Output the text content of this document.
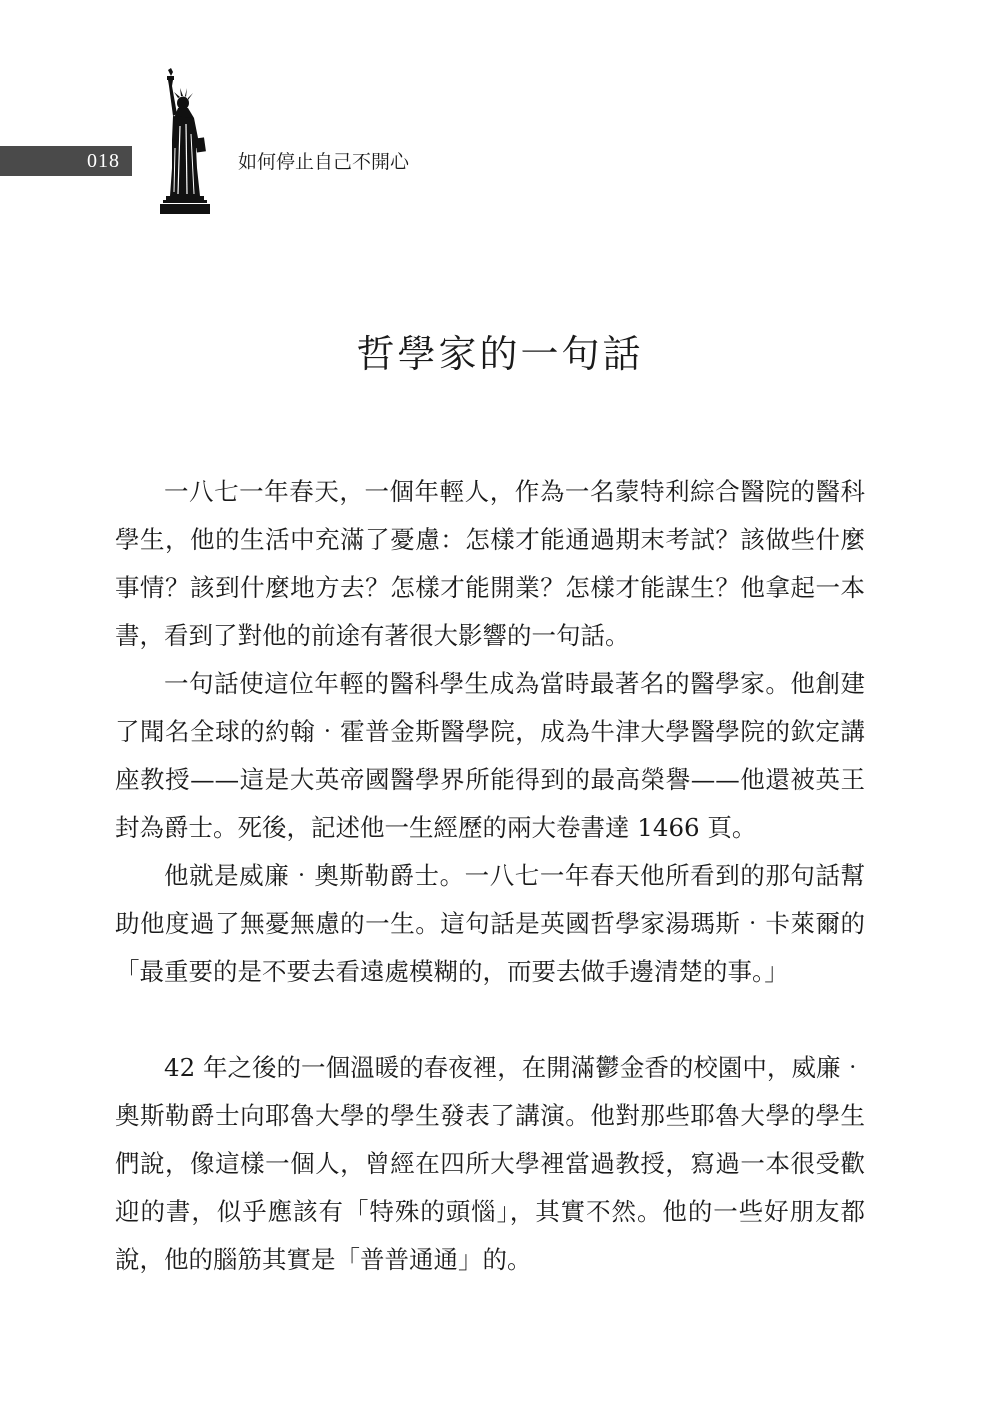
018	如何停止自己不開心
哲學家的一句話

一八七一年春天，一個年輕人，作為一名蒙特利綜合醫院的醫科學生，他的生活中充滿了憂慮：怎樣才能通過期末考試？該做些什麼事情？該到什麼地方去？怎樣才能開業？怎樣才能謀生？他拿起一本書，看到了對他的前途有著很大影響的一句話。

一句話使這位年輕的醫科學生成為當時最著名的醫學家。他創建了聞名全球的約翰‧霍普金斯醫學院，成為牛津大學醫學院的欽定講座教授——這是大英帝國醫學界所能得到的最高榮譽——他還被英王封為爵士。死後，記述他一生經歷的兩大卷書達 1466 頁。

他就是威廉‧奧斯勒爵士。一八七一年春天他所看到的那句話幫助他度過了無憂無慮的一生。這句話是英國哲學家湯瑪斯‧卡萊爾的「最重要的是不要去看遠處模糊的，而要去做手邊清楚的事。」

42 年之後的一個溫暖的春夜裡，在開滿鬱金香的校園中，威廉‧奧斯勒爵士向耶魯大學的學生發表了講演。他對那些耶魯大學的學生們說，像這樣一個人，曾經在四所大學裡當過教授，寫過一本很受歡迎的書，似乎應該有「特殊的頭惱」，其實不然。他的一些好朋友都說，他的腦筋其實是「普普通通」的。
